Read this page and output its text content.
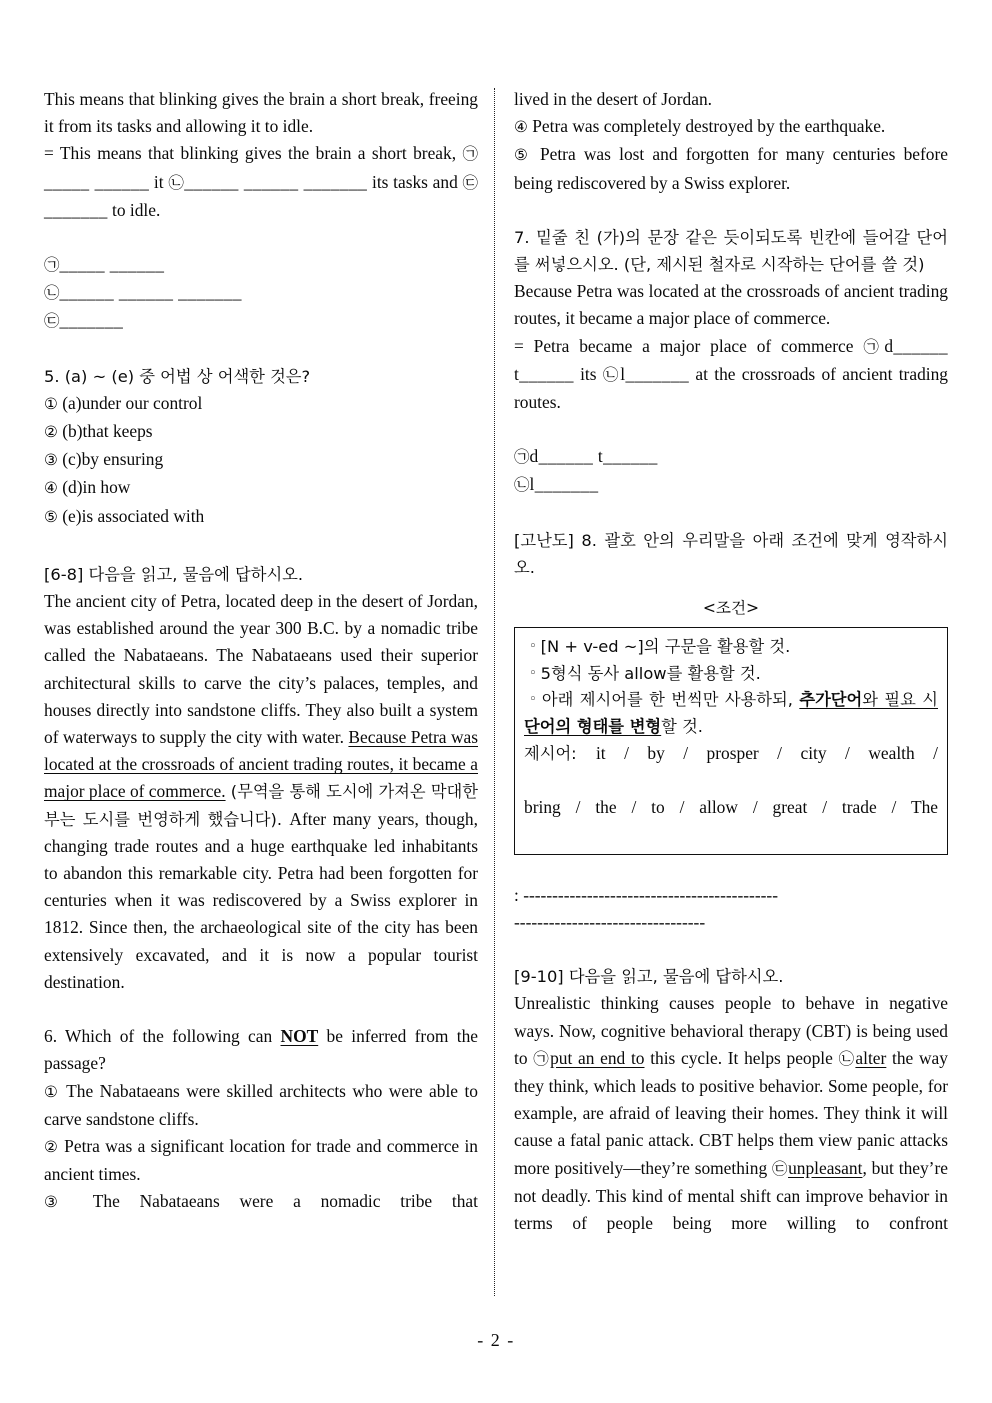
This means that blinking gives the brain a short break, freeing it from its tasks and allowing it to idle.

= This means that blinking gives the brain a short break, ㉠_____ ______ it ㉡______ ______ _______ its tasks and ㉢_______ to idle.

㉠_____ ______

㉡______ ______ _______

㉢_______

5. (a) ~ (e) 중 어법 상 어색한 것은?

① (a)under our control

② (b)that keeps

③ (c)by ensuring

④ (d)in how

⑤ (e)is associated with

[6-8] 다음을 읽고, 물음에 답하시오.

The ancient city of Petra, located deep in the desert of Jordan, was established around the year 300 B.C. by a nomadic tribe called the Nabataeans. The Nabataeans used their superior architectural skills to carve the city’s palaces, temples, and houses directly into sandstone cliffs. They also built a system of waterways to supply the city with water. Because Petra was located at the crossroads of ancient trading routes, it became a major place of commerce. (무역을 통해 도시에 가져온 막대한 부는 도시를 번영하게 했습니다). After many years, though, changing trade routes and a huge earthquake led inhabitants to abandon this remarkable city. Petra had been forgotten for centuries when it was rediscovered by a Swiss explorer in 1812. Since then, the archaeological site of the city has been extensively excavated, and it is now a popular tourist destination.

6. Which of the following can NOT be inferred from the passage?

① The Nabataeans were skilled architects who were able to carve sandstone cliffs.

② Petra was a significant location for trade and commerce in ancient times.

③ The Nabataeans were a nomadic tribe that

lived in the desert of Jordan.

④ Petra was completely destroyed by the earthquake.

⑤ Petra was lost and forgotten for many centuries before being rediscovered by a Swiss explorer.

7. 밑줄 친 (가)의 문장 같은 듯이되도록 빈칸에 들어갈 단어를 써넣으시오. (단, 제시된 철자로 시작하는 단어를 쓸 것)

Because Petra was located at the crossroads of ancient trading routes, it became a major place of commerce.

= Petra became a major place of commerce ㉠d______ t______ its ㉡l_______ at the crossroads of ancient trading routes.

㉠d______ t______

㉡l_______

[고난도] 8. 괄호 안의 우리말을 아래 조건에 맞게 영작하시오.

<조건>

◦ [N + v-ed ~]의 구문을 활용할 것.

◦ 5형식 동사 allow를 활용할 것.

◦ 아래 제시어를 한 번씩만 사용하되, 추가단어와 필요 시 단어의 형태를 변형할 것.

제시어: it / by / prosper / city / wealth /

bring / the / to / allow / great / trade / The

: --------------------------------------------

---------------------------------

[9-10] 다음을 읽고, 물음에 답하시오.

Unrealistic thinking causes people to behave in negative ways. Now, cognitive behavioral therapy (CBT) is being used to ㉠put an end to this cycle. It helps people ㉡alter the way they think, which leads to positive behavior. Some people, for example, are afraid of leaving their homes. They think it will cause a fatal panic attack. CBT helps them view panic attacks more positively—they’re something ㉢unpleasant, but they’re not deadly. This kind of mental shift can improve behavior in terms of people being more willing to confront

- 2 -
